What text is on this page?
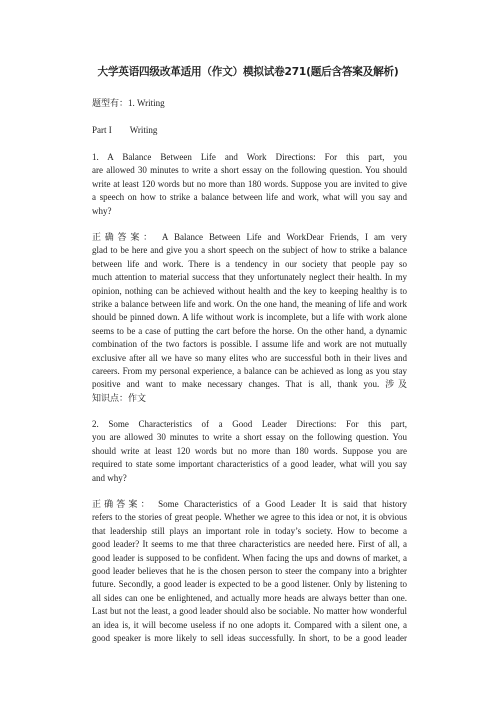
大学英语四级改革适用（作文）模拟试卷271(题后含答案及解析)
题型有：1. Writing
Part I Writing
1. A Balance Between Life and Work Directions: For this part, you
are allowed 30 minutes to write a short essay on the following question. You should
write at least 120 words but no more than 180 words. Suppose you are invited to give
a speech on how to strike a balance between life and work, what will you say and
why?
正确答案： A Balance Between Life and WorkDear Friends, I am very
glad to be here and give you a short speech on the subject of how to strike a balance
between life and work. There is a tendency in our society that people pay so
much attention to material success that they unfortunately neglect their health. In my
opinion, nothing can be achieved without health and the key to keeping healthy is to
strike a balance between life and work. On the one hand, the meaning of life and work
should be pinned down. A life without work is incomplete, but a life with work alone
seems to be a case of putting the cart before the horse. On the other hand, a dynamic
combination of the two factors is possible. I assume life and work are not mutually
exclusive after all we have so many elites who are successful both in their lives and
careers. From my personal experience, a balance can be achieved as long as you stay
positive and want to make necessary changes. That is all, thank you. 涉及
知识点：作文
2. Some Characteristics of a Good Leader Directions: For this part,
you are allowed 30 minutes to write a short essay on the following question. You
should write at least 120 words but no more than 180 words. Suppose you are
required to state some important characteristics of a good leader, what will you say
and why?
正确答案： Some Characteristics of a Good Leader It is said that history
refers to the stories of great people. Whether we agree to this idea or not, it is obvious
that leadership still plays an important role in today’s society. How to become a
good leader? It seems to me that three characteristics are needed here. First of all, a
good leader is supposed to be confident. When facing the ups and downs of market, a
good leader believes that he is the chosen person to steer the company into a brighter
future. Secondly, a good leader is expected to be a good listener. Only by listening to
all sides can one be enlightened, and actually more heads are always better than one.
Last but not the least, a good leader should also be sociable. No matter how wonderful
an idea is, it will become useless if no one adopts it. Compared with a silent one, a
good speaker is more likely to sell ideas successfully. In short, to be a good leader
